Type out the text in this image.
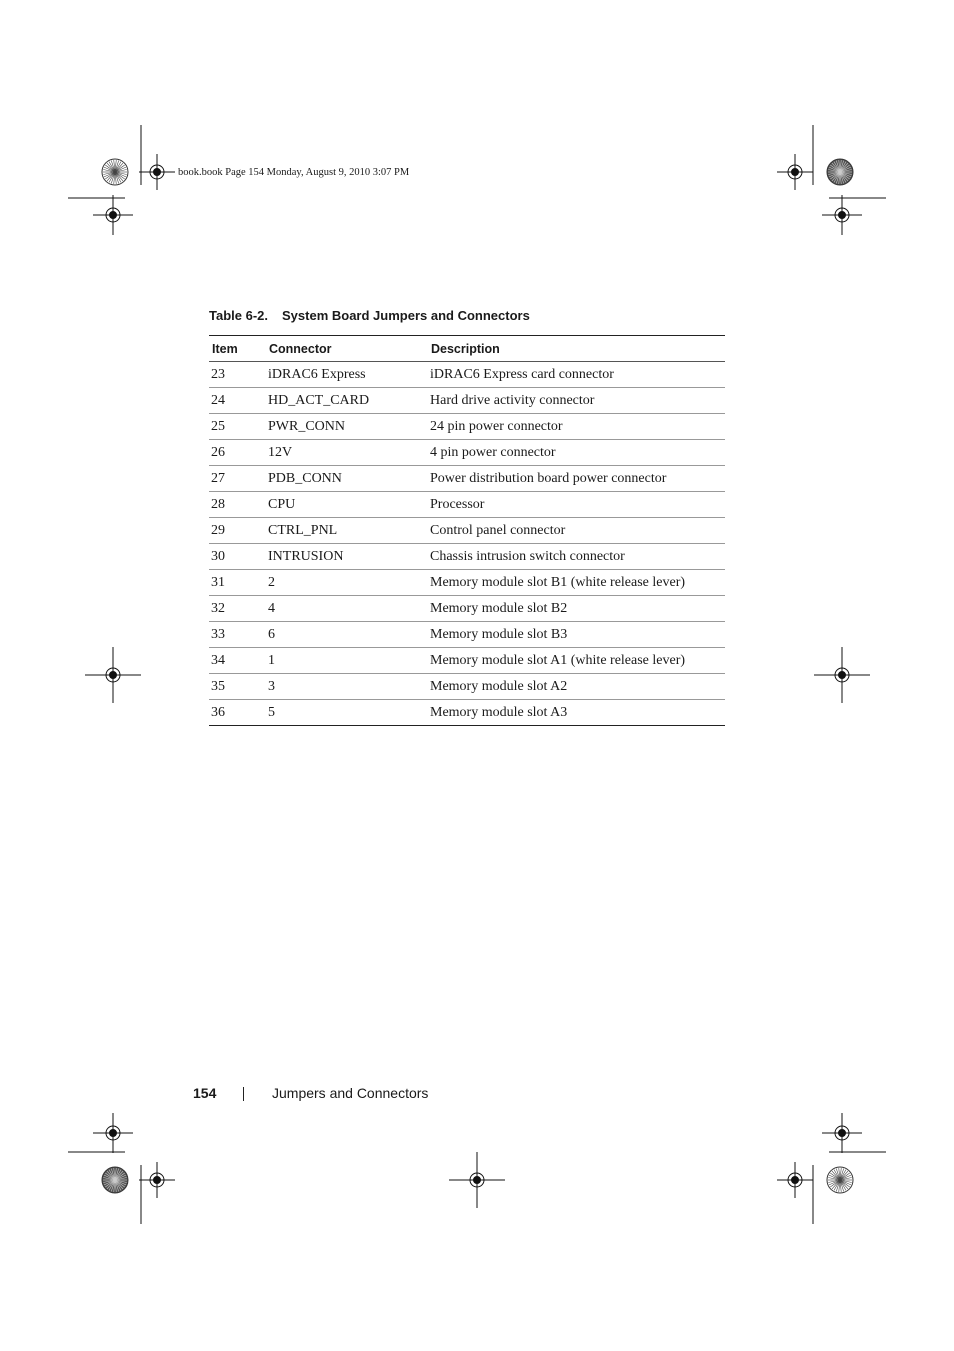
book.book Page 154 Monday, August 9, 2010 3:07 PM
Table 6-2. System Board Jumpers and Connectors
Item	Connector	Description
23	iDRAC6 Express	iDRAC6 Express card connector
24	HD_ACT_CARD	Hard drive activity connector
25	PWR_CONN	24 pin power connector
26	12V	4 pin power connector
27	PDB_CONN	Power distribution board power connector
28	CPU	Processor
29	CTRL_PNL	Control panel connector
30	INTRUSION	Chassis intrusion switch connector
31	2	Memory module slot B1 (white release lever)
32	4	Memory module slot B2
33	6	Memory module slot B3
34	1	Memory module slot A1 (white release lever)
35	3	Memory module slot A2
36	5	Memory module slot A3
154	Jumpers and Connectors
